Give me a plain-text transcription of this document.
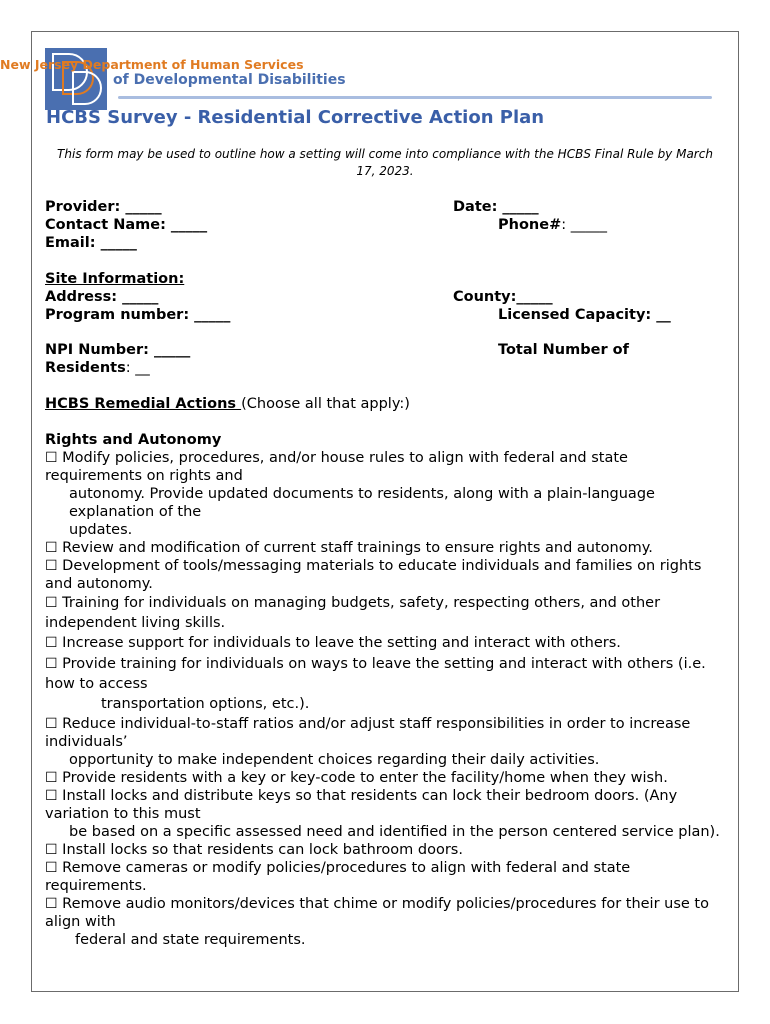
New Jersey Department of Human Services
of Developmental Disabilities
HCBS Survey - Residential Corrective Action Plan
This form may be used to outline how a setting will come into compliance with the HCBS Final Rule by March 17, 2023.
Provider: _____	Date: _____
Contact Name: _____	Phone#: _____
Email: _____
Site Information:
Address: _____	County:_____
Program number: _____	Licensed Capacity: __
NPI Number: _____	Total Number of
Residents: __
HCBS Remedial Actions (Choose all that apply:)
Rights and Autonomy

☐ Modify policies, procedures, and/or house rules to align with federal and state requirements on rights and

autonomy. Provide updated documents to residents, along with a plain-language explanation of the

updates.

☐ Review and modification of current staff trainings to ensure rights and autonomy.

☐ Development of tools/messaging materials to educate individuals and families on rights and autonomy.

☐ Training for individuals on managing budgets, safety, respecting others, and other independent living skills.

☐ Increase support for individuals to leave the setting and interact with others.

☐ Provide training for individuals on ways to leave the setting and interact with others (i.e. how to access

transportation options, etc.).

☐ Reduce individual-to-staff ratios and/or adjust staff responsibilities in order to increase individuals’

opportunity to make independent choices regarding their daily activities.

☐ Provide residents with a key or key-code to enter the facility/home when they wish.

☐ Install locks and distribute keys so that residents can lock their bedroom doors. (Any variation to this must

be based on a specific assessed need and identified in the person centered service plan).

☐ Install locks so that residents can lock bathroom doors.

☐ Remove cameras or modify policies/procedures to align with federal and state requirements.

☐ Remove audio monitors/devices that chime or modify policies/procedures for their use to align with

federal and state requirements.
